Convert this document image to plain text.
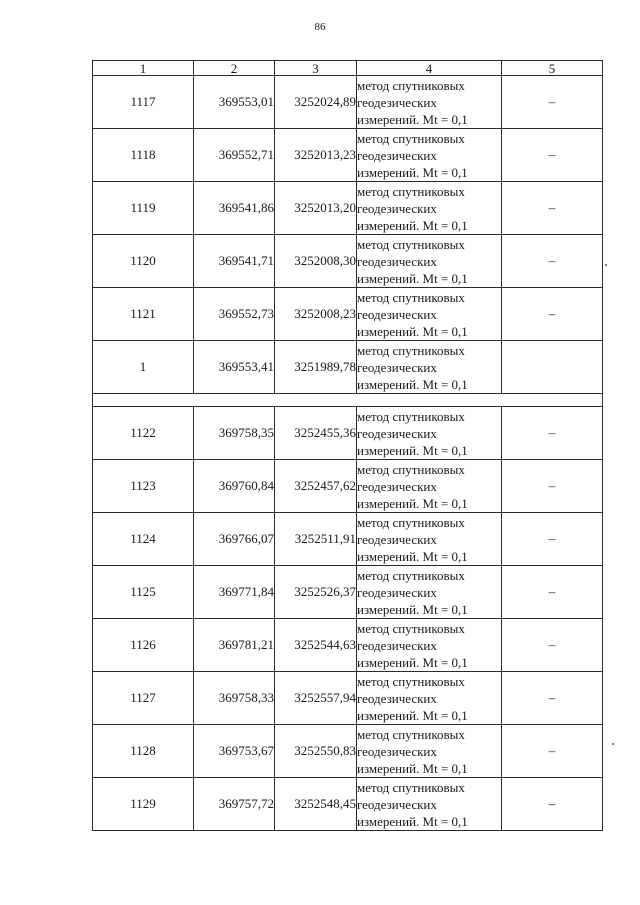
86
1	2	3	4	5
1117	369553,01	3252024,89	метод спутниковых
геодезических
измерений. Mt = 0,1	–
1118	369552,71	3252013,23	метод спутниковых
геодезических
измерений. Mt = 0,1	–
1119	369541,86	3252013,20	метод спутниковых
геодезических
измерений. Mt = 0,1	–
1120	369541,71	3252008,30	метод спутниковых
геодезических
измерений. Mt = 0,1	–
1121	369552,73	3252008,23	метод спутниковых
геодезических
измерений. Mt = 0,1	–
1	369553,41	3251989,78	метод спутниковых
геодезических
измерений. Mt = 0,1	

1122	369758,35	3252455,36	метод спутниковых
геодезических
измерений. Mt = 0,1	–
1123	369760,84	3252457,62	метод спутниковых
геодезических
измерений. Mt = 0,1	–
1124	369766,07	3252511,91	метод спутниковых
геодезических
измерений. Mt = 0,1	–
1125	369771,84	3252526,37	метод спутниковых
геодезических
измерений. Mt = 0,1	–
1126	369781,21	3252544,63	метод спутниковых
геодезических
измерений. Mt = 0,1	–
1127	369758,33	3252557,94	метод спутниковых
геодезических
измерений. Mt = 0,1	–
1128	369753,67	3252550,83	метод спутниковых
геодезических
измерений. Mt = 0,1	–
1129	369757,72	3252548,45	метод спутниковых
геодезических
измерений. Mt = 0,1	–
